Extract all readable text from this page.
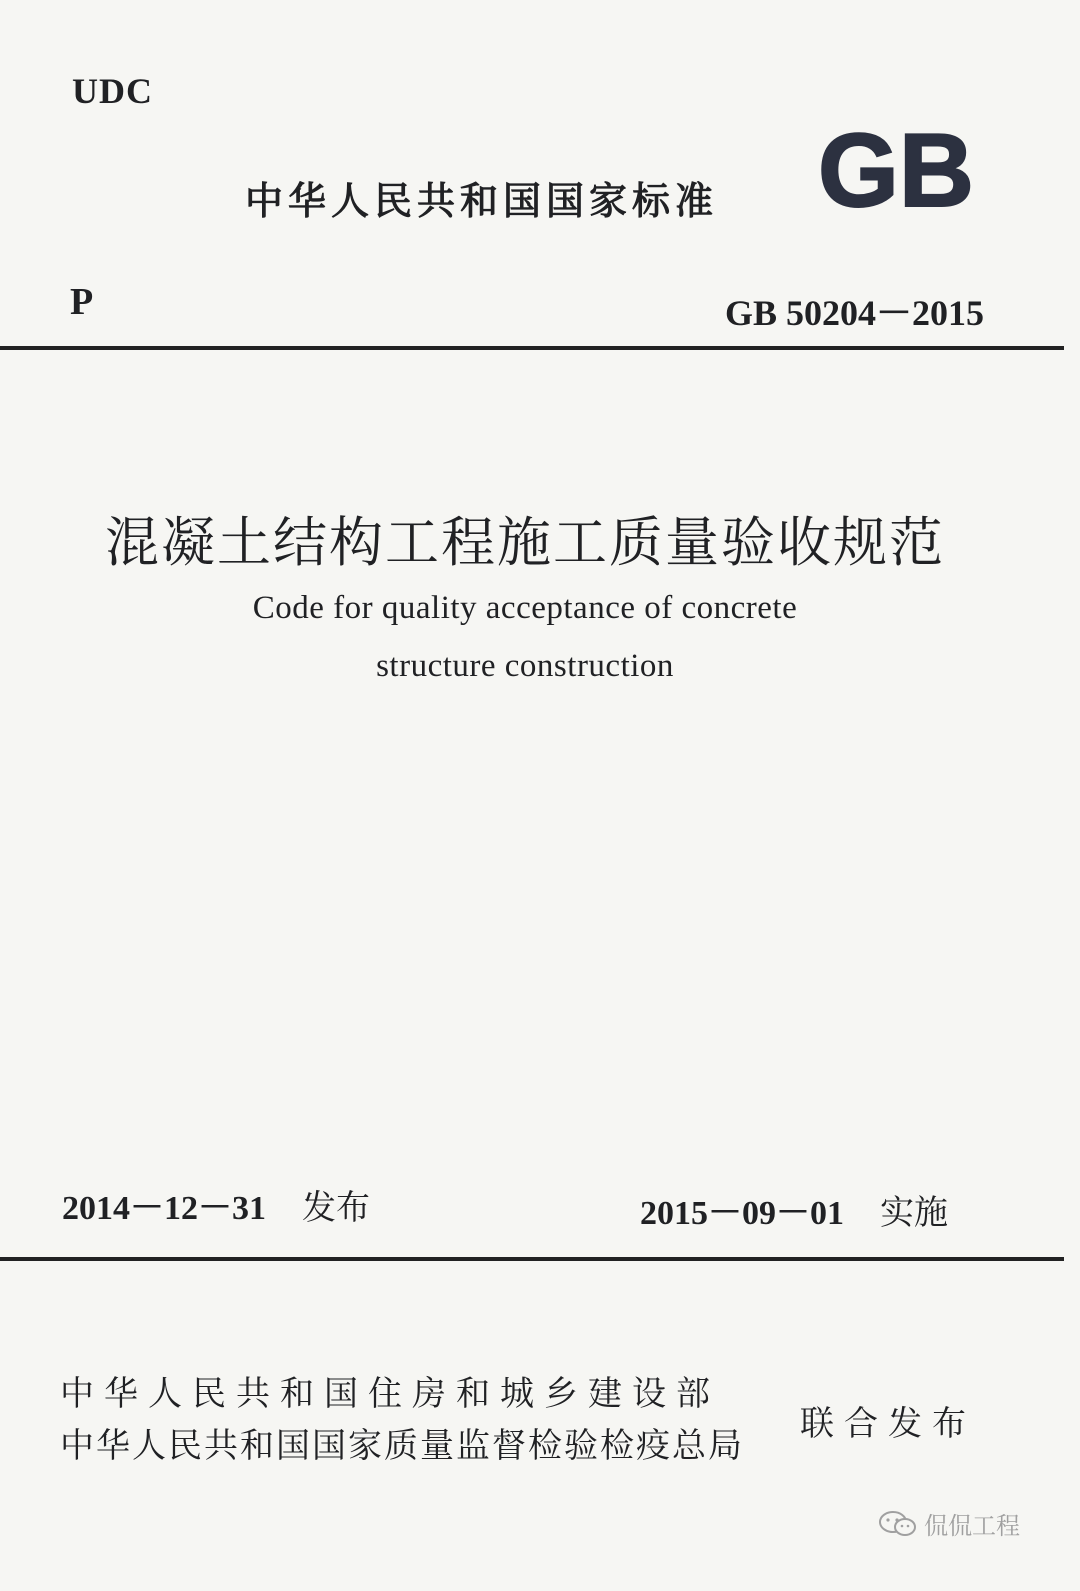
UDC
中华人民共和国国家标准 GB
P	GB 50204－2015
混凝土结构工程施工质量验收规范
Code for quality acceptance of concrete
structure construction
2014－12－31 发布	2015－09－01 实施
中华人民共和国住房和城乡建设部
中华人民共和国国家质量监督检验检疫总局
联合发布
侃侃工程
